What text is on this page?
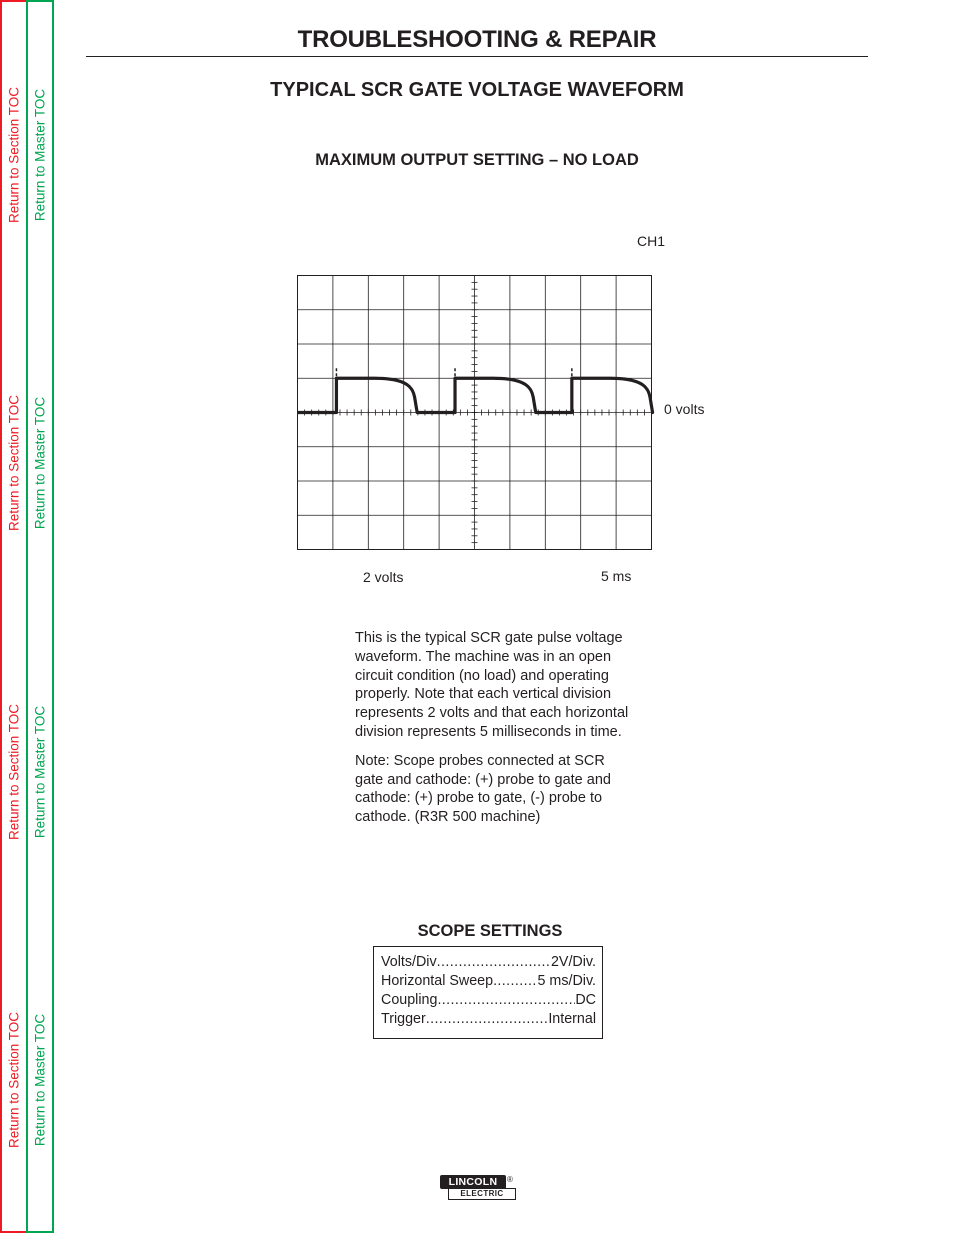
Return to Section TOC
Return to Section TOC
Return to Section TOC
Return to Section TOC
Return to Master TOC
Return to Master TOC
Return to Master TOC
Return to Master TOC
TROUBLESHOOTING & REPAIR
TYPICAL SCR GATE VOLTAGE WAVEFORM
MAXIMUM OUTPUT SETTING – NO LOAD
CH1
0 volts
2 volts	5 ms

This is the typical SCR gate pulse voltage waveform. The machine was in an open circuit condition (no load) and operating properly. Note that each vertical division represents 2 volts and that each horizontal division represents 5 milliseconds in time.

Note: Scope probes connected at SCR gate and cathode: (+) probe to gate and cathode: (+) probe to gate, (-) probe to cathode. (R3R 500 machine)

SCOPE SETTINGS
Volts/Div .....	2V/Div.
Horizontal Sweep .....	5 ms/Div.
Coupling .....	DC
Trigger .....	Internal
LINCOLN	®
ELECTRIC
